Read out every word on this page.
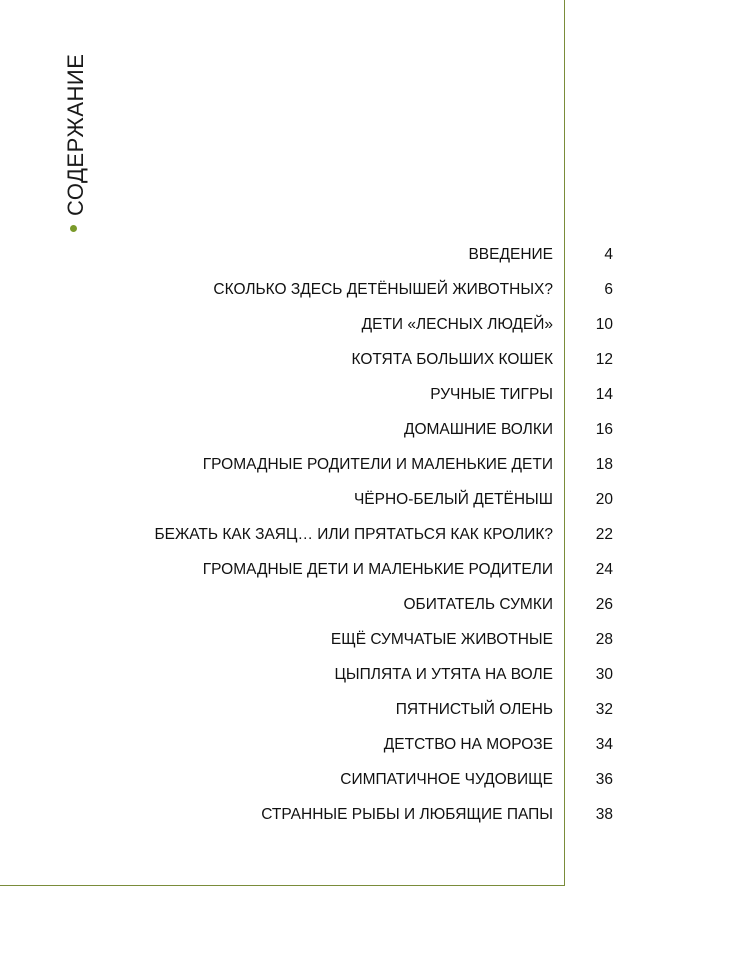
СОДЕРЖАНИЕ
ВВЕДЕНИЕ	4
СКОЛЬКО ЗДЕСЬ ДЕТЁНЫШЕЙ ЖИВОТНЫХ?	6
ДЕТИ «ЛЕСНЫХ ЛЮДЕЙ»	10
КОТЯТА БОЛЬШИХ КОШЕК	12
РУЧНЫЕ ТИГРЫ	14
ДОМАШНИЕ ВОЛКИ	16
ГРОМАДНЫЕ РОДИТЕЛИ И МАЛЕНЬКИЕ ДЕТИ	18
ЧЁРНО-БЕЛЫЙ ДЕТЁНЫШ	20
БЕЖАТЬ КАК ЗАЯЦ… ИЛИ ПРЯТАТЬСЯ КАК КРОЛИК?	22
ГРОМАДНЫЕ ДЕТИ И МАЛЕНЬКИЕ РОДИТЕЛИ	24
ОБИТАТЕЛЬ СУМКИ	26
ЕЩЁ СУМЧАТЫЕ ЖИВОТНЫЕ	28
ЦЫПЛЯТА И УТЯТА НА ВОЛЕ	30
ПЯТНИСТЫЙ ОЛЕНЬ	32
ДЕТСТВО НА МОРОЗЕ	34
СИМПАТИЧНОЕ ЧУДОВИЩЕ	36
СТРАННЫЕ РЫБЫ И ЛЮБЯЩИЕ ПАПЫ	38
